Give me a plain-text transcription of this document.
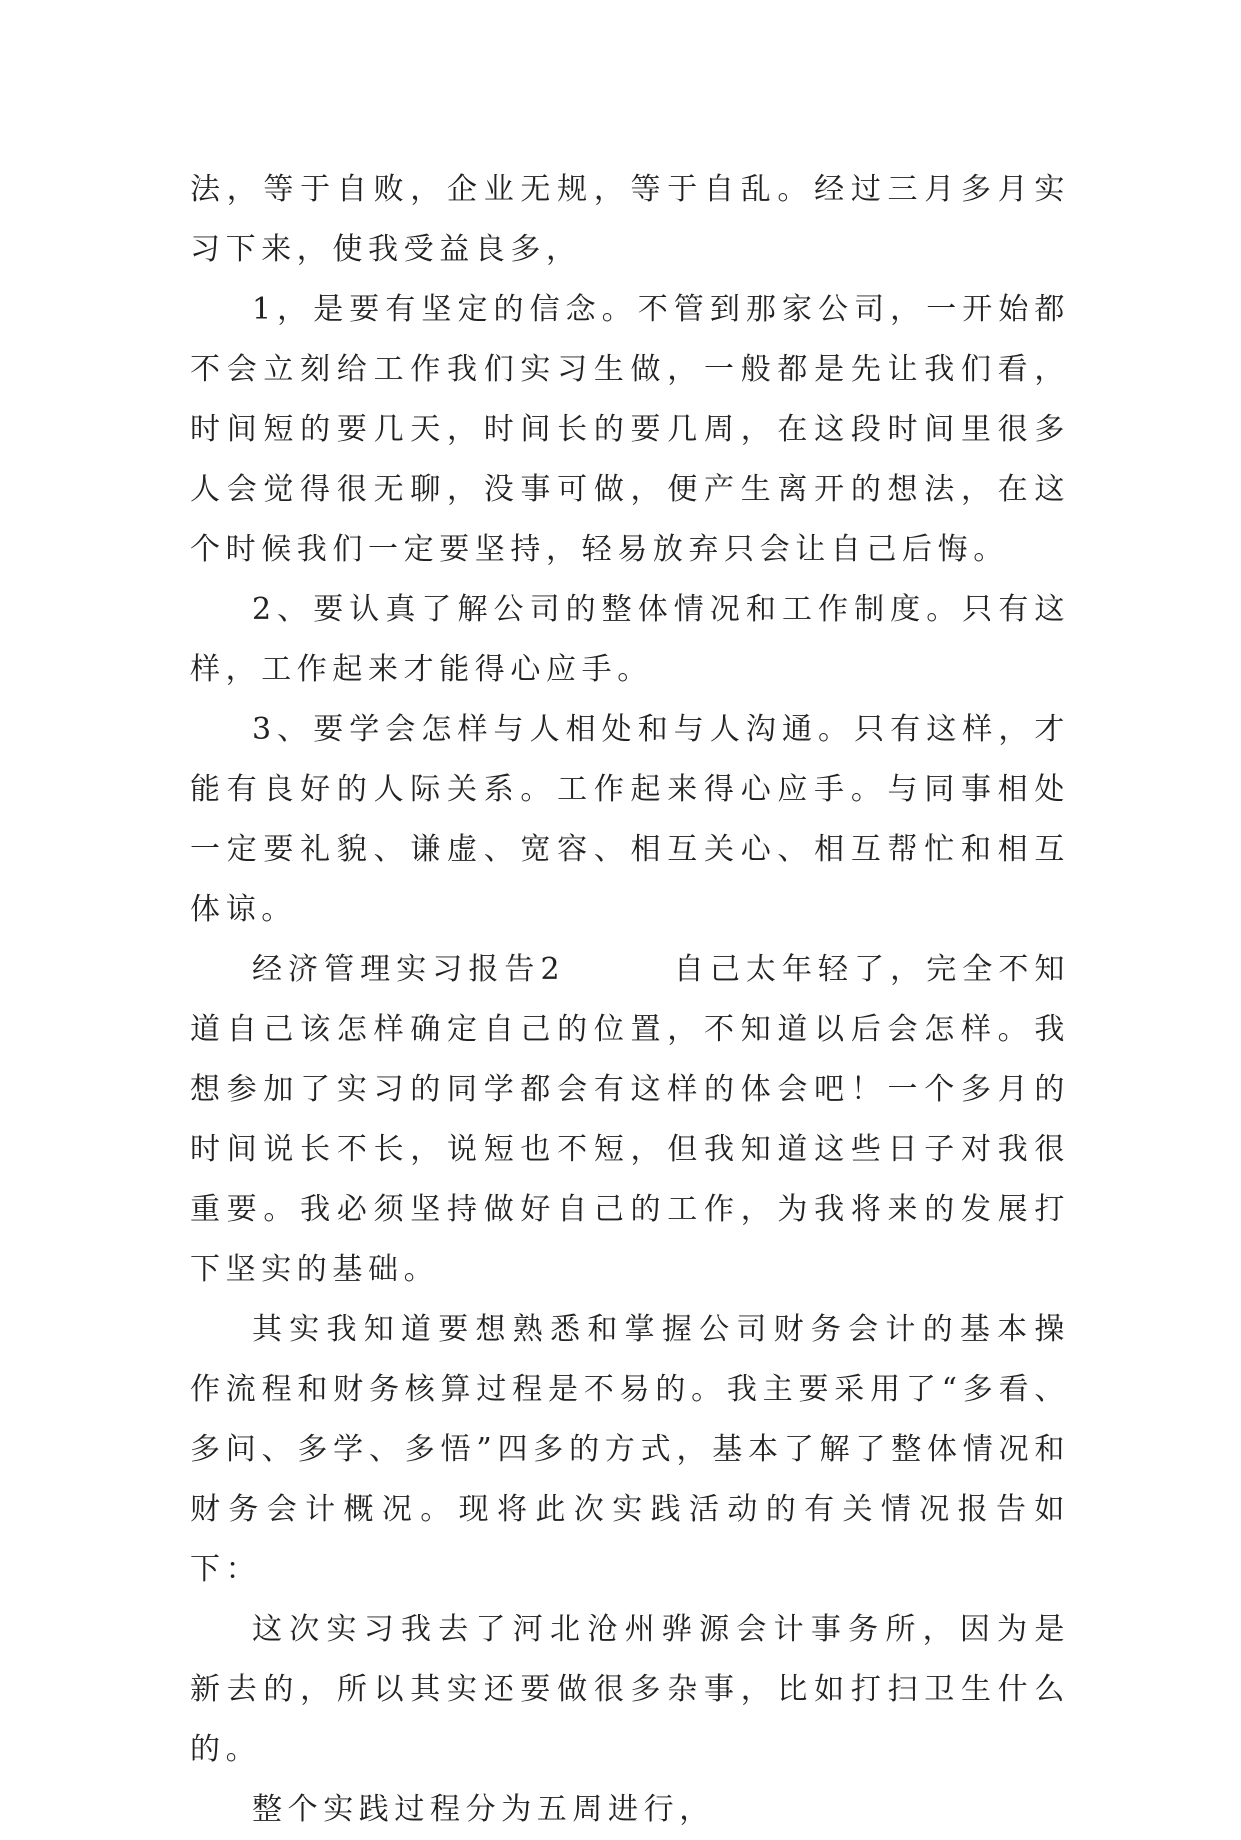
法，等于自败，企业无规，等于自乱。经过三月多月实习下来，使我受益良多，

1，是要有坚定的信念。不管到那家公司，一开始都不会立刻给工作我们实习生做，一般都是先让我们看，时间短的要几天，时间长的要几周，在这段时间里很多人会觉得很无聊，没事可做，便产生离开的想法，在这个时候我们一定要坚持，轻易放弃只会让自己后悔。

2、要认真了解公司的整体情况和工作制度。只有这样，工作起来才能得心应手。

3、要学会怎样与人相处和与人沟通。只有这样，才能有良好的人际关系。工作起来得心应手。与同事相处一定要礼貌、谦虚、宽容、相互关心、相互帮忙和相互体谅。

经济管理实习报告2　　　自己太年轻了，完全不知道自己该怎样确定自己的位置，不知道以后会怎样。我想参加了实习的同学都会有这样的体会吧！一个多月的时间说长不长，说短也不短，但我知道这些日子对我很重要。我必须坚持做好自己的工作，为我将来的发展打下坚实的基础。

其实我知道要想熟悉和掌握公司财务会计的基本操作流程和财务核算过程是不易的。我主要采用了“多看、多问、多学、多悟”四多的方式，基本了解了整体情况和财务会计概况。现将此次实践活动的有关情况报告如下：

这次实习我去了河北沧州骅源会计事务所，因为是新去的，所以其实还要做很多杂事，比如打扫卫生什么的。

整个实践过程分为五周进行，
